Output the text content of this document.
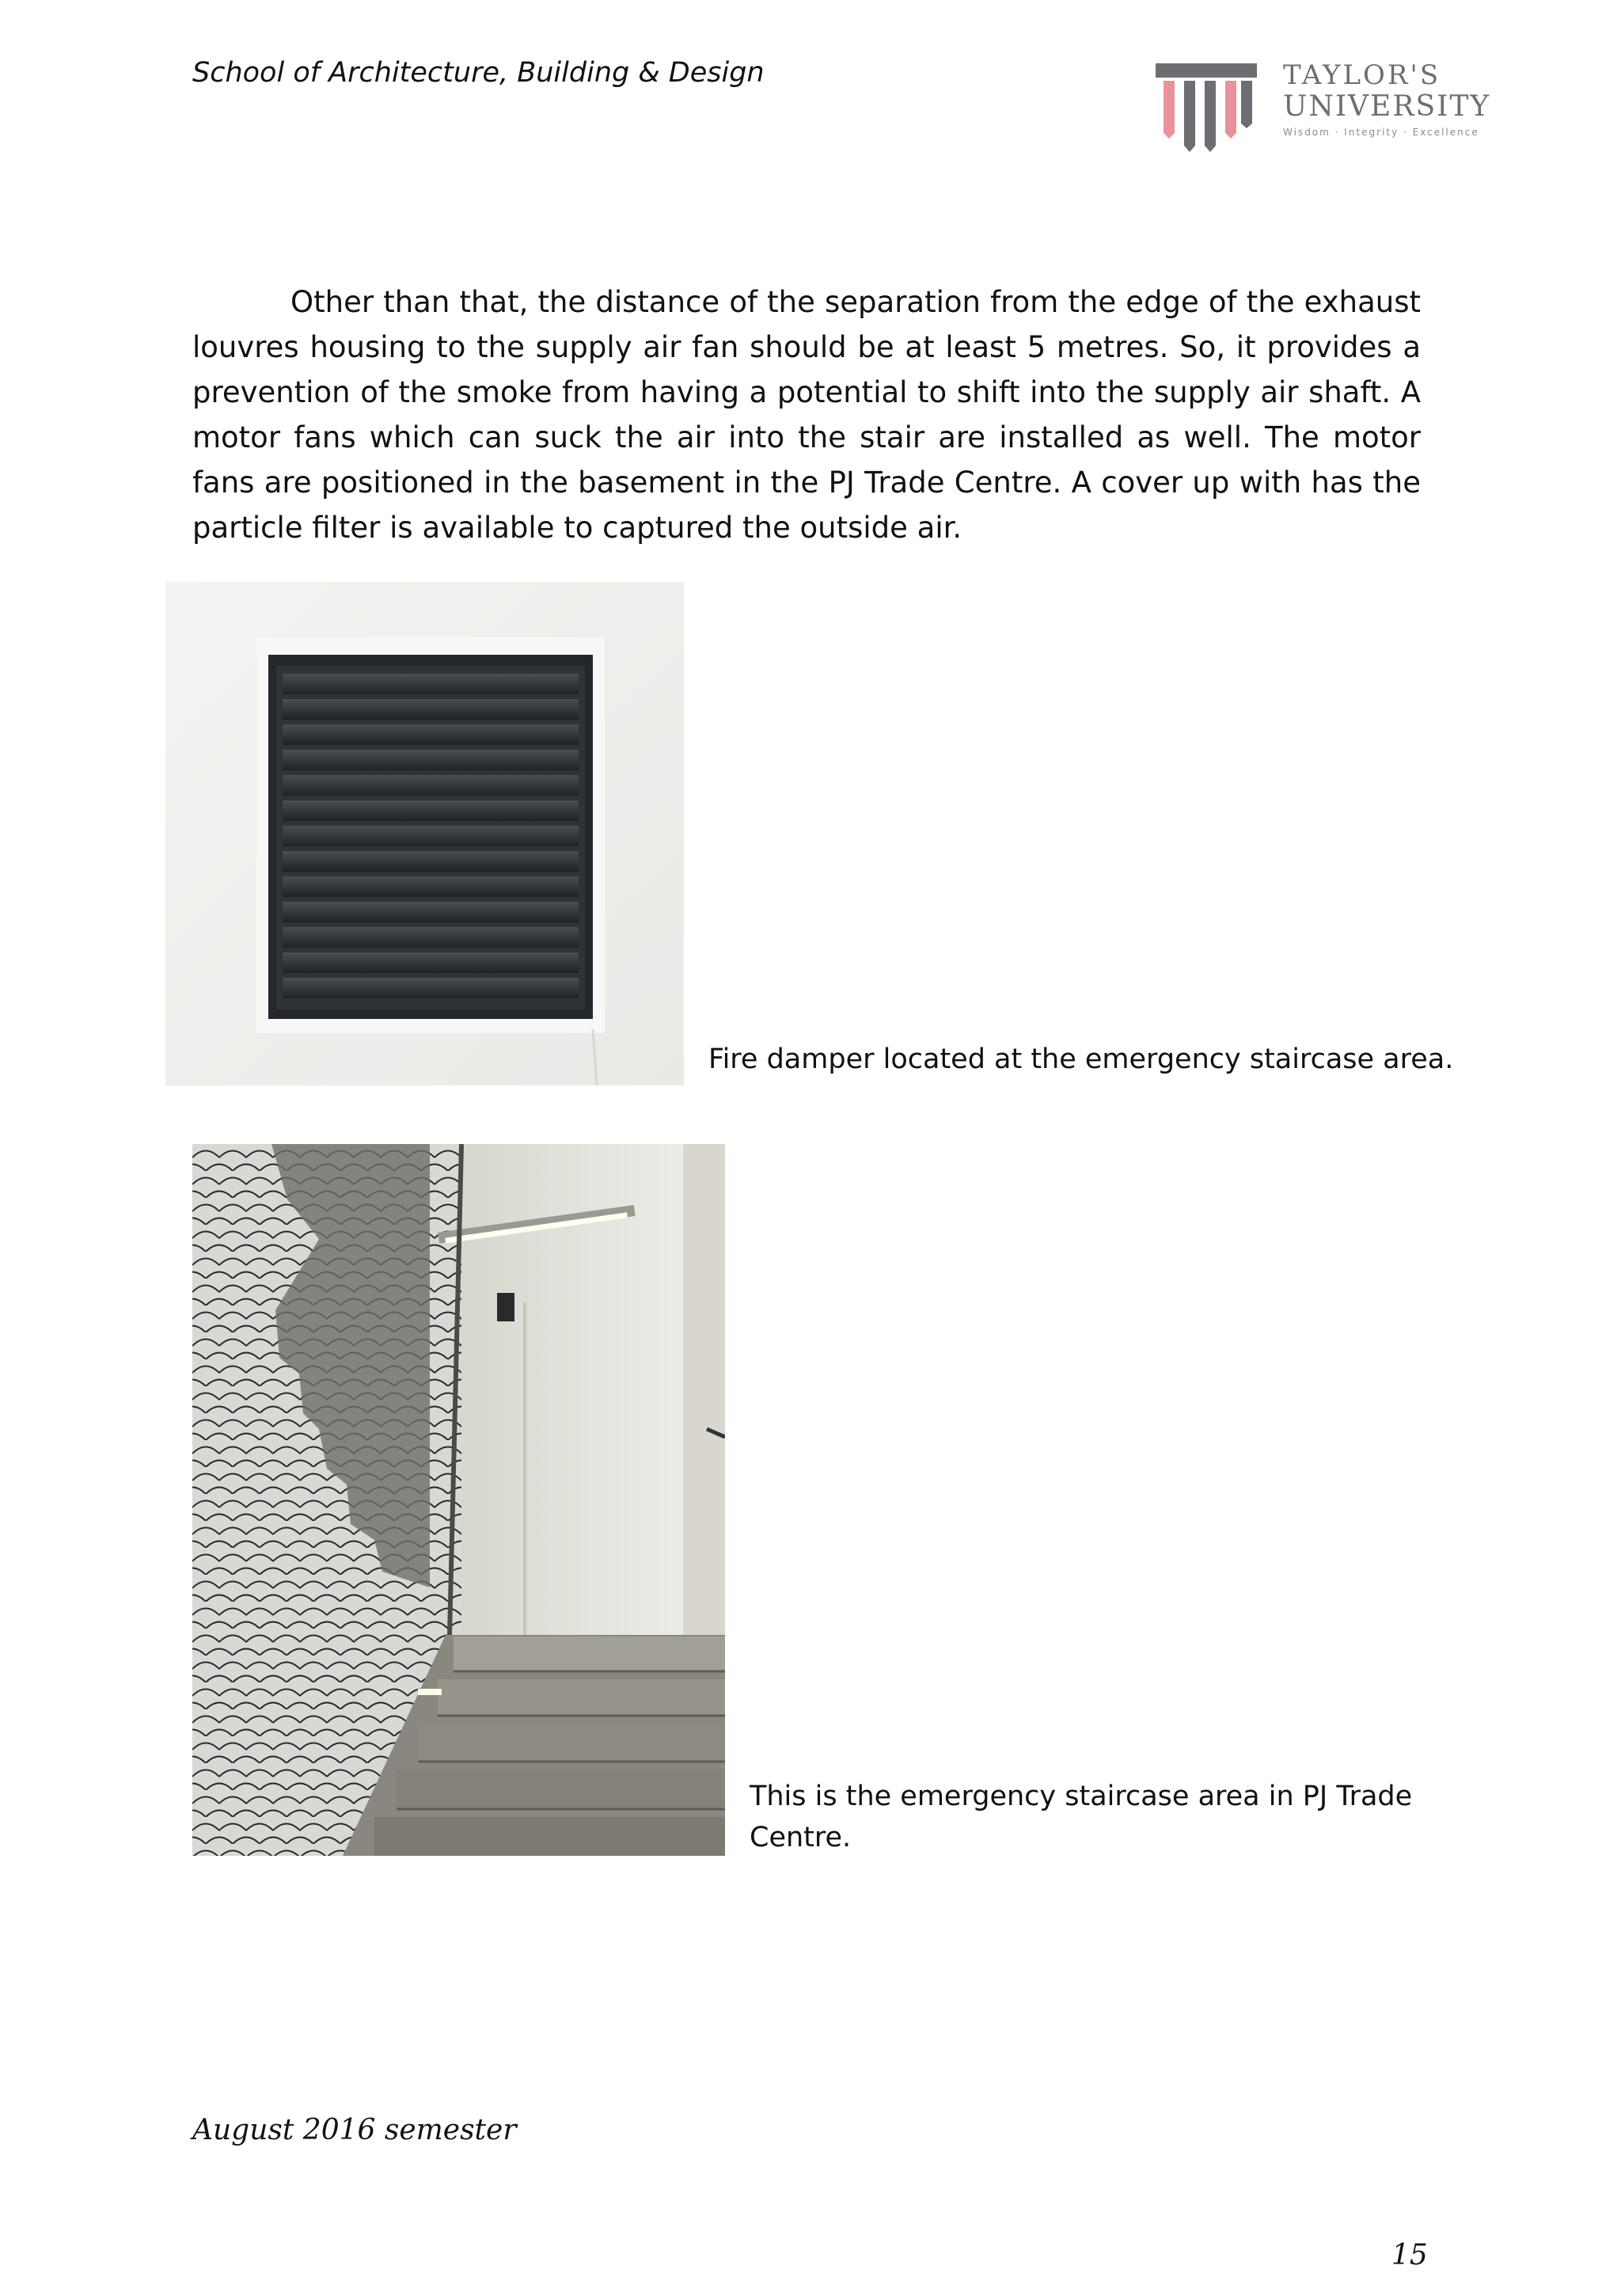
School of Architecture, Building & Design	TAYLOR'S
UNIVERSITY
Wisdom · Integrity · Excellence

Other than that, the distance of the separation from the edge of the exhaust louvres housing to the supply air fan should be at least 5 metres. So, it provides a prevention of the smoke from having a potential to shift into the supply air shaft. A motor fans which can suck the air into the stair are installed as well. The motor fans are positioned in the basement in the PJ Trade Centre. A cover up with has the particle filter is available to captured the outside air.

Fire damper located at the emergency staircase area.
This is the emergency staircase area in PJ Trade Centre.
August 2016 semester
15
